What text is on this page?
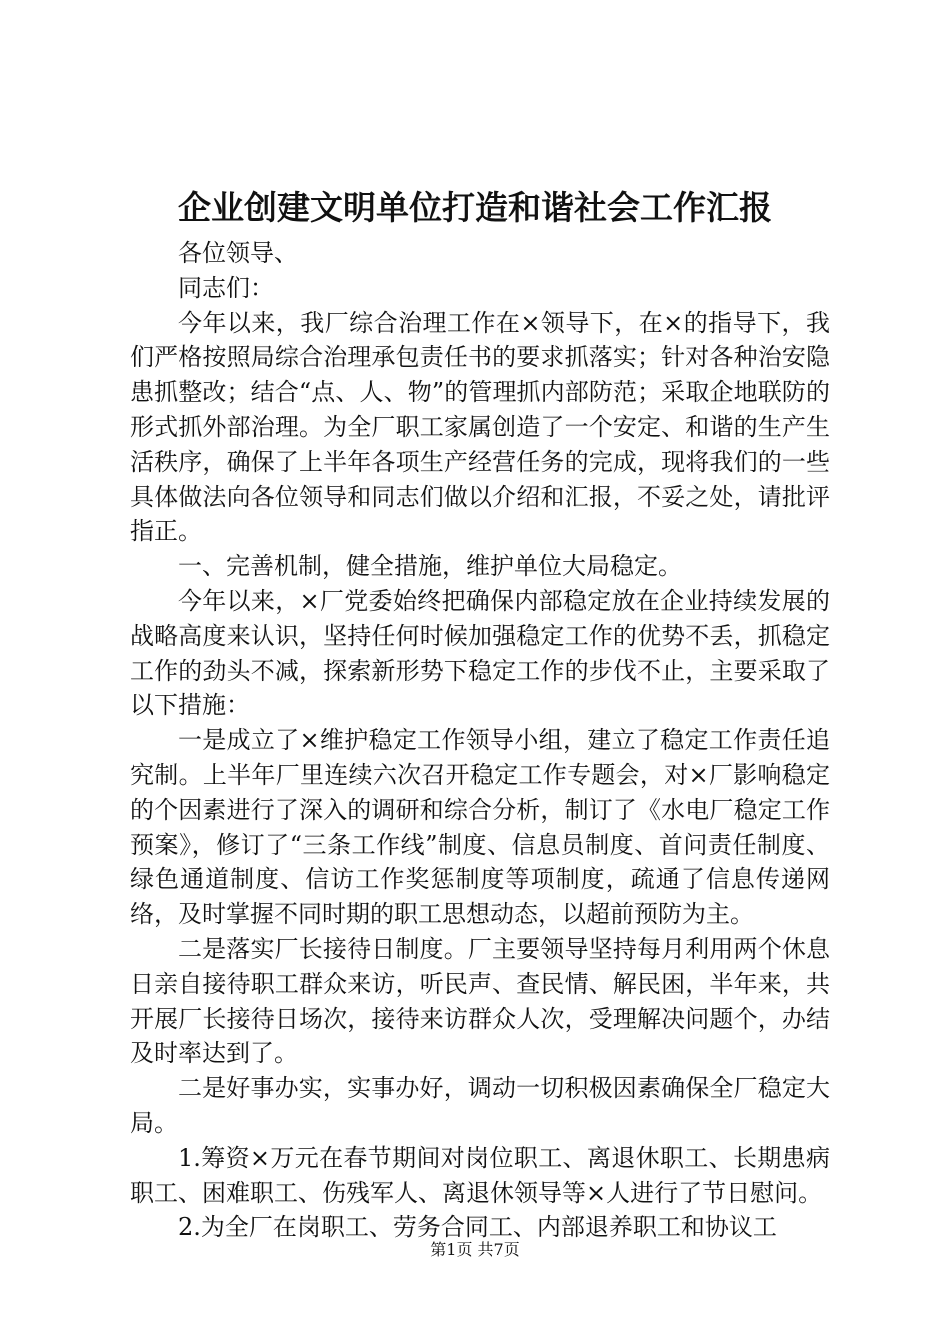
企业创建文明单位打造和谐社会工作汇报

各位领导、

同志们：

今年以来，我厂综合治理工作在×领导下，在×的指导下，我们严格按照局综合治理承包责任书的要求抓落实；针对各种治安隐患抓整改；结合“点、人、物”的管理抓内部防范；采取企地联防的形式抓外部治理。为全厂职工家属创造了一个安定、和谐的生产生活秩序，确保了上半年各项生产经营任务的完成，现将我们的一些具体做法向各位领导和同志们做以介绍和汇报，不妥之处，请批评指正。

一、完善机制，健全措施，维护单位大局稳定。

今年以来，×厂党委始终把确保内部稳定放在企业持续发展的战略高度来认识，坚持任何时候加强稳定工作的优势不丢，抓稳定工作的劲头不减，探索新形势下稳定工作的步伐不止，主要采取了以下措施：

一是成立了×维护稳定工作领导小组，建立了稳定工作责任追究制。上半年厂里连续六次召开稳定工作专题会，对×厂影响稳定的个因素进行了深入的调研和综合分析，制订了《水电厂稳定工作预案》，修订了“三条工作线”制度、信息员制度、首问责任制度、绿色通道制度、信访工作奖惩制度等项制度，疏通了信息传递网络，及时掌握不同时期的职工思想动态，以超前预防为主。

二是落实厂长接待日制度。厂主要领导坚持每月利用两个休息日亲自接待职工群众来访，听民声、查民情、解民困，半年来，共开展厂长接待日场次，接待来访群众人次，受理解决问题个，办结及时率达到了。

二是好事办实，实事办好，调动一切积极因素确保全厂稳定大局。

1.筹资×万元在春节期间对岗位职工、离退休职工、长期患病职工、困难职工、伤残军人、离退休领导等×人进行了节日慰问。

2.为全厂在岗职工、劳务合同工、内部退养职工和协议工

第1页 共7页
